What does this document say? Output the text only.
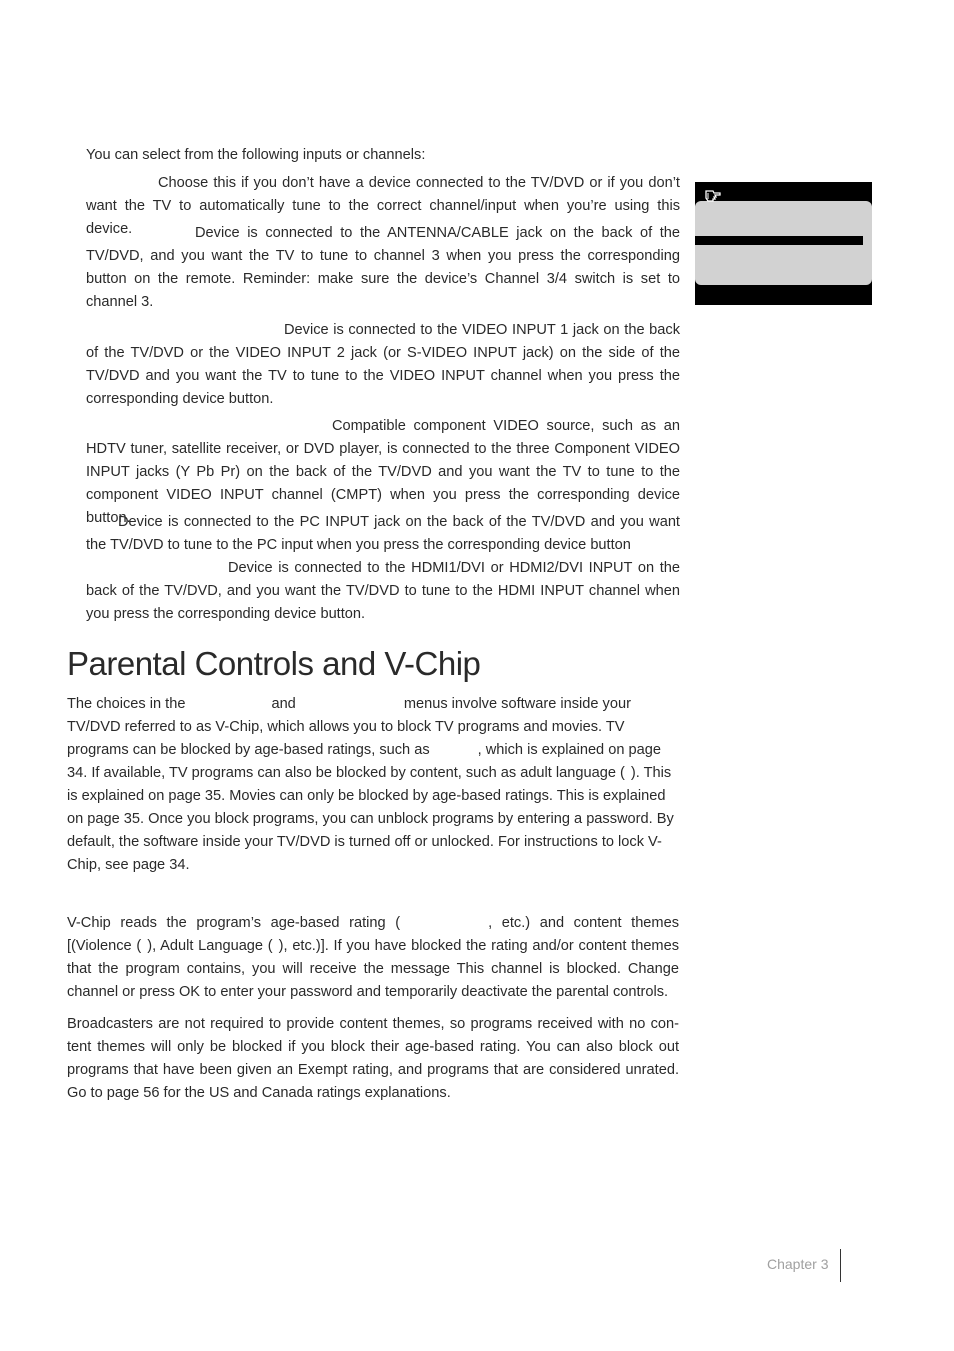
You can select from the following inputs or channels:

Choose this if you don’t have a device connected to the TV/DVD or if you don’t want the TV to automatically tune to the correct channel/input when you’re using this device.	Device is connected to the ANTENNA/CABLE jack on the back of the TV/DVD, and you want the TV to tune to channel 3 when you press the corresponding button on the remote. Reminder: make sure the device’s Channel 3/4 switch is set to channel 3.

Device is connected to the VIDEO INPUT 1 jack on the back of the TV/DVD or the VIDEO INPUT 2 jack (or S-VIDEO INPUT jack) on the side of the TV/DVD and you want the TV to tune to the VIDEO INPUT channel when you press the corresponding device button.

Compatible component VIDEO source, such as an HDTV tuner, satellite receiver, or DVD player, is connected to the three Component VIDEO INPUT jacks (Y Pb Pr) on the back of the TV/DVD and you want the TV to tune to the component VIDEO INPUT channel (CMPT) when you press the corresponding device button.

Device is connected to the PC INPUT jack on the back of the TV/DVD and you want the TV/DVD to tune to the PC input when you press the corresponding device button

Device is connected to the HDMI1/DVI or HDMI2/DVI INPUT on the back of the TV/DVD, and you want the TV/DVD to tune to the HDMI INPUT channel when you press the corresponding device button.

Parental Controls and V-Chip

The choices in the	and	menus involve software inside your TV/DVD referred to as V-Chip, which allows you to block TV programs and movies. TV programs can be blocked by age-based ratings, such as	, which is explained on page 34. If available, TV programs can also be blocked by content, such as adult language ( ). This is explained on page 35. Movies can only be blocked by age-based ratings. This is explained on page 35. Once you block programs, you can unblock programs by entering a password. By default, the software inside your TV/DVD is turned off or unlocked. For instructions to lock V-Chip, see page 34.

V-Chip reads the program’s age-based rating (	, etc.) and content themes [(Violence ( ), Adult Language ( ), etc.)]. If you have blocked the rating and/or content themes that the program contains, you will receive the message This channel is blocked. Change channel or press OK to enter your password and temporarily deactivate the parental controls.

Broadcasters are not required to provide content themes, so programs received with no con-tent themes will only be blocked if you block their age-based rating. You can also block out programs that have been given an Exempt rating, and programs that are considered unrated. Go to page 56 for the US and Canada ratings explanations.

Chapter 3
